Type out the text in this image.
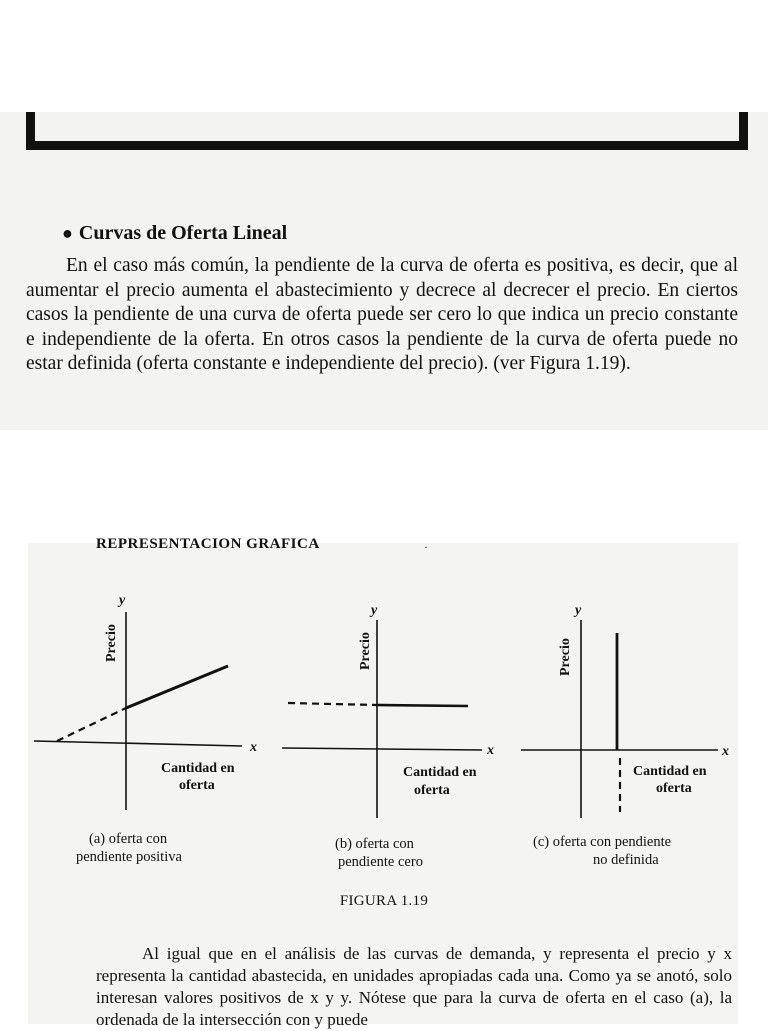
● Curvas de Oferta Lineal

En el caso más común, la pendiente de la curva de oferta es positiva, es decir, que al aumentar el precio aumenta el abastecimiento y decrece al decrecer el precio. En ciertos casos la pendiente de una curva de oferta puede ser cero lo que indica un precio constante e independiente de la oferta. En otros casos la pendiente de la curva de oferta puede no estar definida (oferta constante e independiente del precio). (ver Figura 1.19).

REPRESENTACION GRAFICA	·
y
x
Precio
Cantidad en
oferta
(a) oferta con
pendiente positiva
y
x
Precio
Cantidad en
oferta
(b) oferta con
pendiente cero
y
x
Precio
Cantidad en
oferta
(c) oferta con pendiente
no definida
FIGURA 1.19

Al igual que en el análisis de las curvas de demanda, y representa el precio y x representa la cantidad abastecida, en unidades apropiadas cada una. Como ya se anotó, solo interesan valores positivos de x y y. Nótese que para la curva de oferta en el caso (a), la ordenada de la intersección con y puede
